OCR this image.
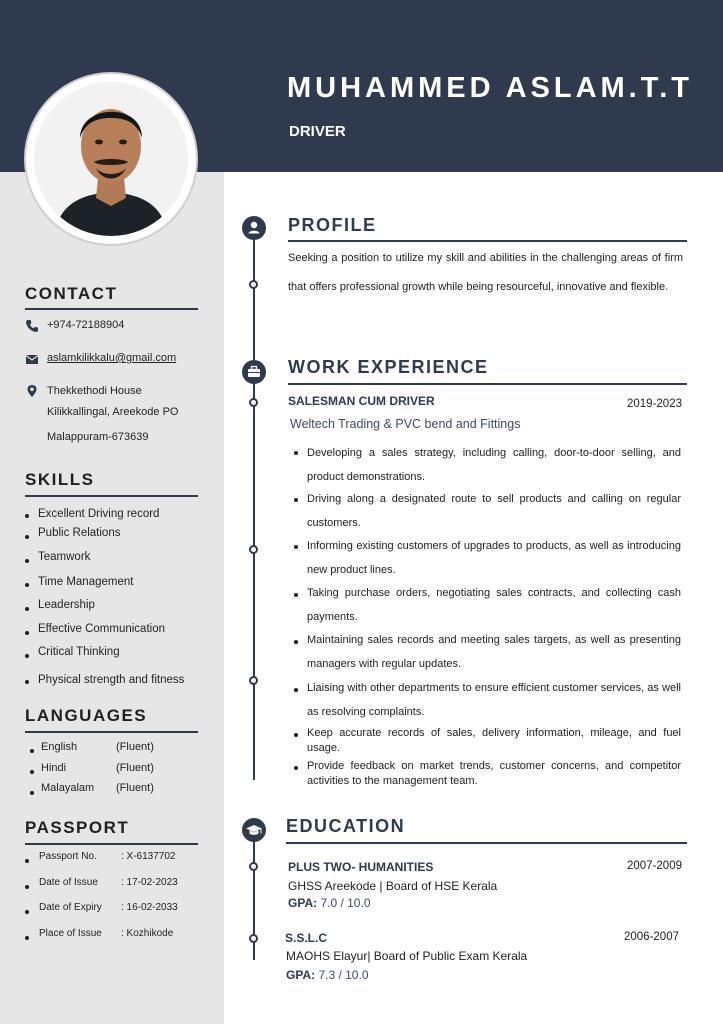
MUHAMMED ASLAM.T.T
DRIVER
CONTACT
+974-72188904
aslamkilikkalu@gmail.com
Thekkethodi House
Kilikkallingal, Areekode PO
Malappuram-673639
SKILLS
Excellent Driving record
Public Relations
Teamwork
Time Management
Leadership
Effective Communication
Critical Thinking
Physical strength and fitness
LANGUAGES
English	(Fluent)
Hindi	(Fluent)
Malayalam (Fluent)
PASSPORT
Passport No. : X-6137702
Date of Issue : 17-02-2023
Date of Expiry : 16-02-2033
Place of Issue : Kozhikode
PROFILE
Seeking a position to utilize my skill and abilities in the challenging areas of firm that offers professional growth while being resourceful, innovative and flexible.
WORK EXPERIENCE
SALESMAN CUM DRIVER	2019-2023
Weltech Trading & PVC bend and Fittings
Developing a sales strategy, including calling, door-to-door selling, and product demonstrations.
Driving along a designated route to sell products and calling on regular customers.
Informing existing customers of upgrades to products, as well as introducing new product lines.
Taking purchase orders, negotiating sales contracts, and collecting cash payments.
Maintaining sales records and meeting sales targets, as well as presenting managers with regular updates.
Liaising with other departments to ensure efficient customer services, as well as resolving complaints.
Keep accurate records of sales, delivery information, mileage, and fuel usage.
Provide feedback on market trends, customer concerns, and competitor activities to the management team.
EDUCATION
PLUS TWO- HUMANITIES	2007-2009
GHSS Areekode | Board of HSE Kerala
GPA: 7.0 / 10.0
S.S.L.C	2006-2007
MAOHS Elayur| Board of Public Exam Kerala
GPA: 7.3 / 10.0
